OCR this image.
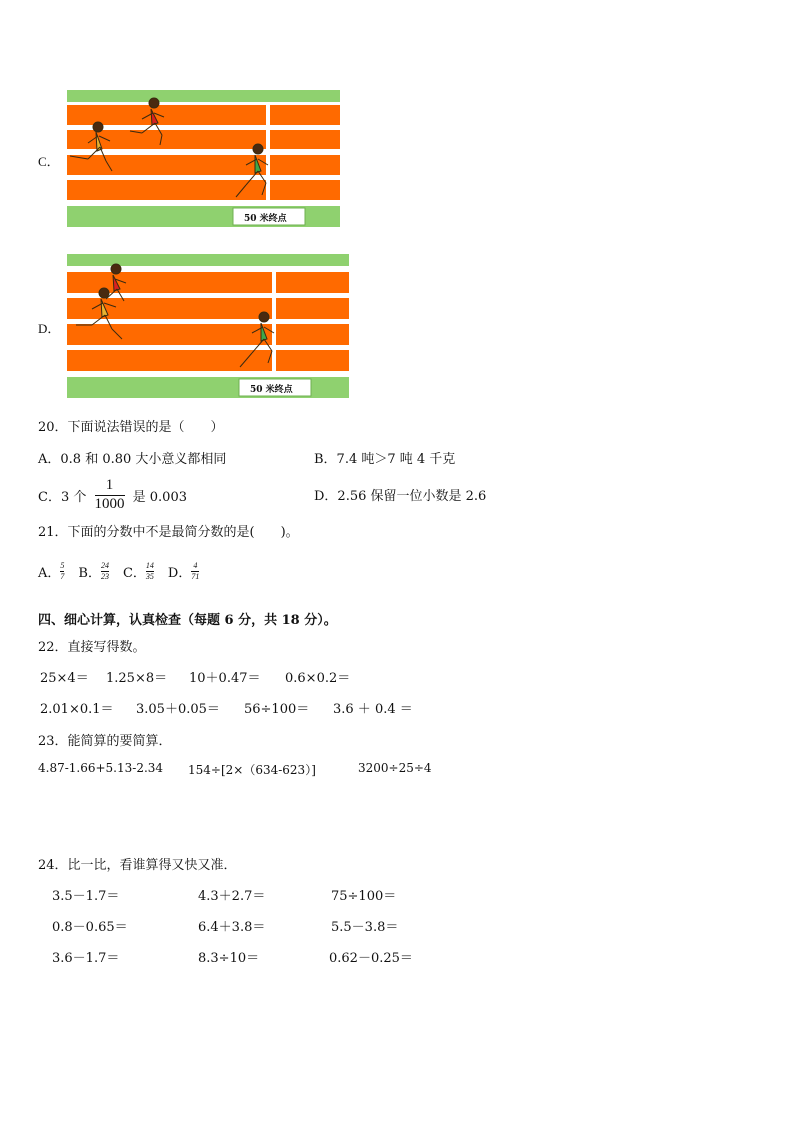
C．
50 米终点
D．
50 米终点
20．下面说法错误的是（　　）
A．0.8 和 0.80 大小意义都相同	B．7.4 吨＞7 吨 4 千克
C．3 个 $\frac{1}{1000}$ 是 0.003	D．2.56 保留一位小数是 2.6
21．下面的分数中不是最简分数的是(　　)。
A． $\frac{5}{7}$ B． $\frac{24}{23}$ C． $\frac{14}{35}$ D． $\frac{4}{71}$
四、细心计算，认真检查（每题 6 分，共 18 分）。
22．直接写得数。
25×4＝ 1.25×8＝ 10＋0.47＝ 0.6×0.2＝
2.01×0.1＝ 3.05＋0.05＝ 56÷100＝ 3.6 ＋ 0.4 ＝
23．能简算的要简算．
4.87-1.66+5.13-2.34 154÷[2×（634-623）]	3200÷25÷4
24．比一比，看谁算得又快又准．
3.5－1.7＝	4.3＋2.7＝	75÷100＝
0.8－0.65＝	6.4＋3.8＝	5.5－3.8＝
3.6－1.7＝	8.3÷10＝	0.62－0.25＝
